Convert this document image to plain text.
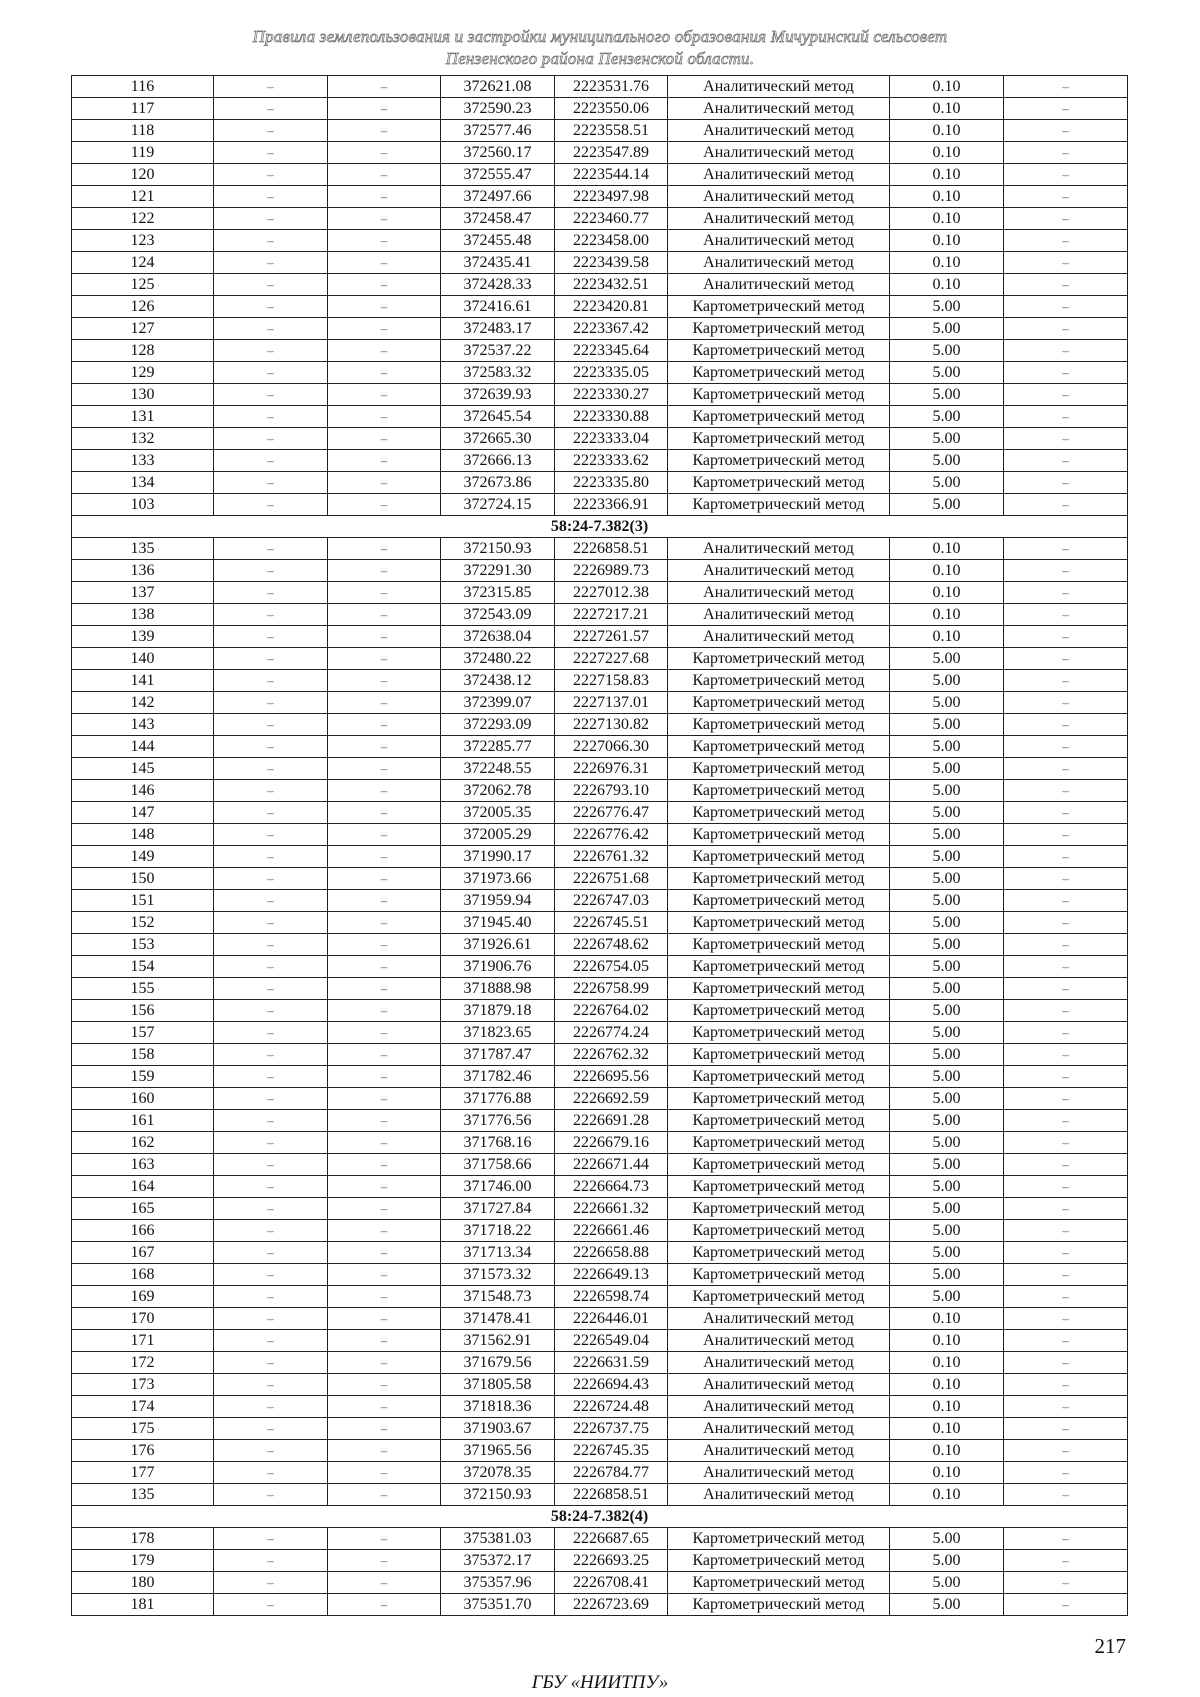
Правила землепользования и застройки муниципального образования Мичуринский сельсовет
Пензенского района Пензенской области.
116	–	–	372621.08	2223531.76	Аналитический метод	0.10	–
117	–	–	372590.23	2223550.06	Аналитический метод	0.10	–
118	–	–	372577.46	2223558.51	Аналитический метод	0.10	–
119	–	–	372560.17	2223547.89	Аналитический метод	0.10	–
120	–	–	372555.47	2223544.14	Аналитический метод	0.10	–
121	–	–	372497.66	2223497.98	Аналитический метод	0.10	–
122	–	–	372458.47	2223460.77	Аналитический метод	0.10	–
123	–	–	372455.48	2223458.00	Аналитический метод	0.10	–
124	–	–	372435.41	2223439.58	Аналитический метод	0.10	–
125	–	–	372428.33	2223432.51	Аналитический метод	0.10	–
126	–	–	372416.61	2223420.81	Картометрический метод	5.00	–
127	–	–	372483.17	2223367.42	Картометрический метод	5.00	–
128	–	–	372537.22	2223345.64	Картометрический метод	5.00	–
129	–	–	372583.32	2223335.05	Картометрический метод	5.00	–
130	–	–	372639.93	2223330.27	Картометрический метод	5.00	–
131	–	–	372645.54	2223330.88	Картометрический метод	5.00	–
132	–	–	372665.30	2223333.04	Картометрический метод	5.00	–
133	–	–	372666.13	2223333.62	Картометрический метод	5.00	–
134	–	–	372673.86	2223335.80	Картометрический метод	5.00	–
103	–	–	372724.15	2223366.91	Картометрический метод	5.00	–
58:24-7.382(3)							
135	–	–	372150.93	2226858.51	Аналитический метод	0.10	–
136	–	–	372291.30	2226989.73	Аналитический метод	0.10	–
137	–	–	372315.85	2227012.38	Аналитический метод	0.10	–
138	–	–	372543.09	2227217.21	Аналитический метод	0.10	–
139	–	–	372638.04	2227261.57	Аналитический метод	0.10	–
140	–	–	372480.22	2227227.68	Картометрический метод	5.00	–
141	–	–	372438.12	2227158.83	Картометрический метод	5.00	–
142	–	–	372399.07	2227137.01	Картометрический метод	5.00	–
143	–	–	372293.09	2227130.82	Картометрический метод	5.00	–
144	–	–	372285.77	2227066.30	Картометрический метод	5.00	–
145	–	–	372248.55	2226976.31	Картометрический метод	5.00	–
146	–	–	372062.78	2226793.10	Картометрический метод	5.00	–
147	–	–	372005.35	2226776.47	Картометрический метод	5.00	–
148	–	–	372005.29	2226776.42	Картометрический метод	5.00	–
149	–	–	371990.17	2226761.32	Картометрический метод	5.00	–
150	–	–	371973.66	2226751.68	Картометрический метод	5.00	–
151	–	–	371959.94	2226747.03	Картометрический метод	5.00	–
152	–	–	371945.40	2226745.51	Картометрический метод	5.00	–
153	–	–	371926.61	2226748.62	Картометрический метод	5.00	–
154	–	–	371906.76	2226754.05	Картометрический метод	5.00	–
155	–	–	371888.98	2226758.99	Картометрический метод	5.00	–
156	–	–	371879.18	2226764.02	Картометрический метод	5.00	–
157	–	–	371823.65	2226774.24	Картометрический метод	5.00	–
158	–	–	371787.47	2226762.32	Картометрический метод	5.00	–
159	–	–	371782.46	2226695.56	Картометрический метод	5.00	–
160	–	–	371776.88	2226692.59	Картометрический метод	5.00	–
161	–	–	371776.56	2226691.28	Картометрический метод	5.00	–
162	–	–	371768.16	2226679.16	Картометрический метод	5.00	–
163	–	–	371758.66	2226671.44	Картометрический метод	5.00	–
164	–	–	371746.00	2226664.73	Картометрический метод	5.00	–
165	–	–	371727.84	2226661.32	Картометрический метод	5.00	–
166	–	–	371718.22	2226661.46	Картометрический метод	5.00	–
167	–	–	371713.34	2226658.88	Картометрический метод	5.00	–
168	–	–	371573.32	2226649.13	Картометрический метод	5.00	–
169	–	–	371548.73	2226598.74	Картометрический метод	5.00	–
170	–	–	371478.41	2226446.01	Аналитический метод	0.10	–
171	–	–	371562.91	2226549.04	Аналитический метод	0.10	–
172	–	–	371679.56	2226631.59	Аналитический метод	0.10	–
173	–	–	371805.58	2226694.43	Аналитический метод	0.10	–
174	–	–	371818.36	2226724.48	Аналитический метод	0.10	–
175	–	–	371903.67	2226737.75	Аналитический метод	0.10	–
176	–	–	371965.56	2226745.35	Аналитический метод	0.10	–
177	–	–	372078.35	2226784.77	Аналитический метод	0.10	–
135	–	–	372150.93	2226858.51	Аналитический метод	0.10	–
58:24-7.382(4)							
178	–	–	375381.03	2226687.65	Картометрический метод	5.00	–
179	–	–	375372.17	2226693.25	Картометрический метод	5.00	–
180	–	–	375357.96	2226708.41	Картометрический метод	5.00	–
181	–	–	375351.70	2226723.69	Картометрический метод	5.00	–
217
ГБУ «НИИТПУ»
